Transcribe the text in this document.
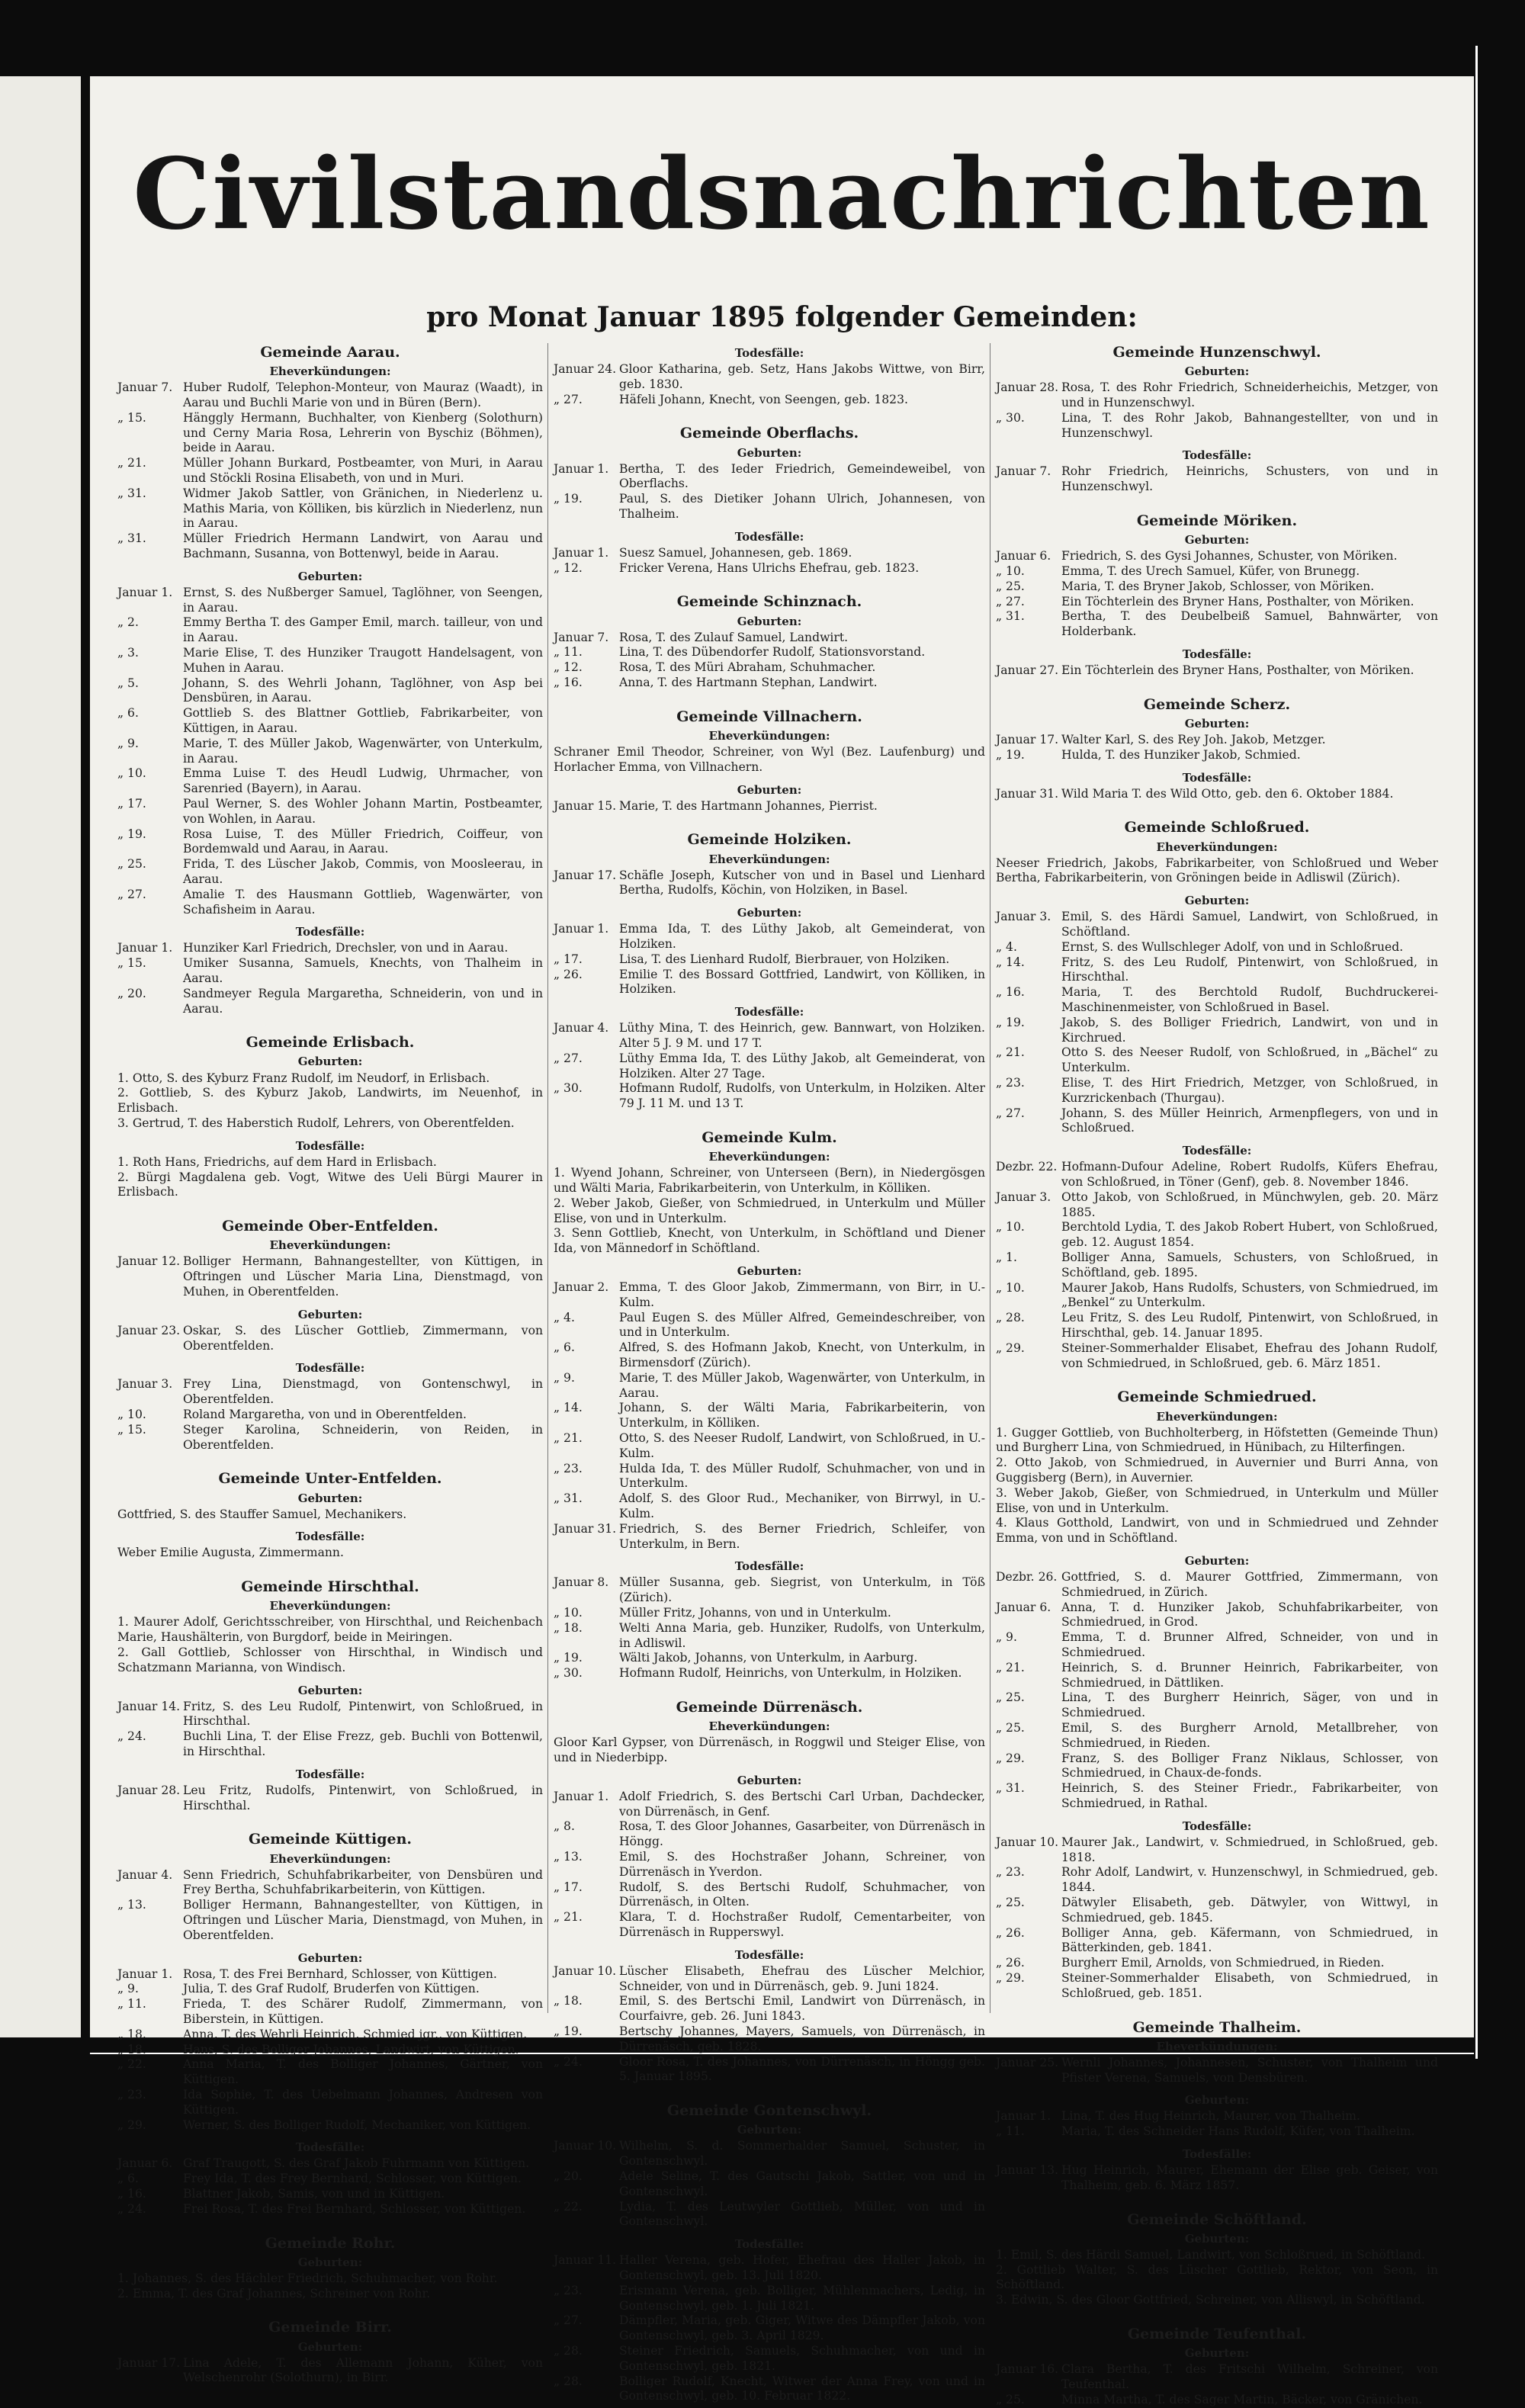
Civilstandsnachrichten
pro Monat Januar 1895 folgender Gemeinden:
Gemeinde Aarau.
Eheverkündungen:
Januar 7. Huber Rudolf, Telephon-Monteur, von Mauraz (Waadt), in Aarau und Buchli Marie von und in Büren (Bern).
„ 15.	Hänggly Hermann, Buchhalter, von Kienberg (Solothurn) und Cerny Maria Rosa, Lehrerin von Byschiz (Böhmen), beide in Aarau.
„ 21.	Müller Johann Burkard, Postbeamter, von Muri, in Aarau und Stöckli Rosina Elisabeth, von und in Muri.
„ 31.	Widmer Jakob Sattler, von Gränichen, in Niederlenz u. Mathis Maria, von Kölliken, bis kürzlich in Niederlenz, nun in Aarau.
„ 31.	Müller Friedrich Hermann Landwirt, von Aarau und Bachmann, Susanna, von Bottenwyl, beide in Aarau.
Geburten:
Januar 1. Ernst, S. des Nußberger Samuel, Taglöhner, von Seengen, in Aarau.
„ 2.	Emmy Bertha T. des Gamper Emil, march. tailleur, von und in Aarau.
„ 3.	Marie Elise, T. des Hunziker Traugott Handelsagent, von Muhen in Aarau.
„ 5.	Johann, S. des Wehrli Johann, Taglöhner, von Asp bei Densbüren, in Aarau.
„ 6.	Gottlieb S. des Blattner Gottlieb, Fabrikarbeiter, von Küttigen, in Aarau.
„ 9.	Marie, T. des Müller Jakob, Wagenwärter, von Unterkulm, in Aarau.
„ 10.	Emma Luise T. des Heudl Ludwig, Uhrmacher, von Sarenried (Bayern), in Aarau.
„ 17.	Paul Werner, S. des Wohler Johann Martin, Postbeamter, von Wohlen, in Aarau.
„ 19.	Rosa Luise, T. des Müller Friedrich, Coiffeur, von Bordemwald und Aarau, in Aarau.
„ 25.	Frida, T. des Lüscher Jakob, Commis, von Moosleerau, in Aarau.
„ 27.	Amalie T. des Hausmann Gottlieb, Wagenwärter, von Schafisheim in Aarau.
Todesfälle:
Januar 1. Hunziker Karl Friedrich, Drechsler, von und in Aarau.
„ 15.	Umiker Susanna, Samuels, Knechts, von Thalheim in Aarau.
„ 20.	Sandmeyer Regula Margaretha, Schneiderin, von und in Aarau.
Gemeinde Erlisbach.
Geburten:
1. Otto, S. des Kyburz Franz Rudolf, im Neudorf, in Erlisbach.
2. Gottlieb, S. des Kyburz Jakob, Landwirts, im Neuenhof, in Erlisbach.
3. Gertrud, T. des Haberstich Rudolf, Lehrers, von Oberentfelden.
Todesfälle:
1. Roth Hans, Friedrichs, auf dem Hard in Erlisbach.
2. Bürgi Magdalena geb. Vogt, Witwe des Ueli Bürgi Maurer in Erlisbach.
Gemeinde Ober-Entfelden.
Eheverkündungen:
Januar 12. Bolliger Hermann, Bahnangestellter, von Küttigen, in Oftringen und Lüscher Maria Lina, Dienstmagd, von Muhen, in Oberentfelden.
Geburten:
Januar 23. Oskar, S. des Lüscher Gottlieb, Zimmermann, von Oberentfelden.
Todesfälle:
Januar 3. Frey Lina, Dienstmagd, von Gontenschwyl, in Oberentfelden.
„ 10.	Roland Margaretha, von und in Oberentfelden.
„ 15.	Steger Karolina, Schneiderin, von Reiden, in Oberentfelden.
Gemeinde Unter-Entfelden.
Geburten:
Gottfried, S. des Stauffer Samuel, Mechanikers.
Todesfälle:
Weber Emilie Augusta, Zimmermann.
Gemeinde Hirschthal.
Eheverkündungen:
1. Maurer Adolf, Gerichtsschreiber, von Hirschthal, und Reichenbach Marie, Haushälterin, von Burgdorf, beide in Meiringen.
2. Gall Gottlieb, Schlosser von Hirschthal, in Windisch und Schatzmann Marianna, von Windisch.
Geburten:
Januar 14. Fritz, S. des Leu Rudolf, Pintenwirt, von Schloßrued, in Hirschthal.
„ 24.	Buchli Lina, T. der Elise Frezz, geb. Buchli von Bottenwil, in Hirschthal.
Todesfälle:
Januar 28. Leu Fritz, Rudolfs, Pintenwirt, von Schloßrued, in Hirschthal.
Gemeinde Küttigen.
Eheverkündungen:
Januar 4. Senn Friedrich, Schuhfabrikarbeiter, von Densbüren und Frey Bertha, Schuhfabrikarbeiterin, von Küttigen.
„ 13.	Bolliger Hermann, Bahnangestellter, von Küttigen, in Oftringen und Lüscher Maria, Dienstmagd, von Muhen, in Oberentfelden.
Geburten:
Januar 1. Rosa, T. des Frei Bernhard, Schlosser, von Küttigen.
„ 9.	Julia, T. des Graf Rudolf, Bruderfen von Küttigen.
„ 11.	Frieda, T. des Schärer Rudolf, Zimmermann, von Biberstein, in Küttigen.
„ 18.	Anna, T. des Wehrli Heinrich, Schmied jgr., von Küttigen.
„ 18.	Hans, S. des Bolliger Johannes, Landwirt, von Küttigen.
„ 22.	Anna Maria, T. des Bolliger Johannes, Gärtner, von Küttigen.
„ 23.	Ida Sophie, T. des Uebelmann Johannes, Andresen von Küttigen.
„ 29.	Werner, S. des Bolliger Rudolf, Mechaniker, von Küttigen.
Todesfälle:
Januar 6. Graf Traugott, S. des Graf Jakob Fuhrmann von Küttigen.
„ 6.	Frey Ida, T. des Frey Bernhard, Schlosser, von Küttigen.
„ 16.	Blattner Jakob, Samis, von und in Küttigen.
„ 24.	Frei Rosa, T. des Frei Bernhard, Schlosser, von Küttigen.
Gemeinde Rohr.
Geburten:
1. Johannes, S. des Hächler Friedrich, Schuhmacher, von Rohr.
2. Emma, T. des Graf Johannes, Schreiner von Rohr.
Gemeinde Birr.
Geburten:
Januar 17. Lina Adele, T. des Allemann Johann, Küher, von Welschenrohr (Solothurn), in Birr.
Todesfälle:
Januar 24. Gloor Katharina, geb. Setz, Hans Jakobs Wittwe, von Birr, geb. 1830.
„ 27.	Häfeli Johann, Knecht, von Seengen, geb. 1823.
Gemeinde Oberflachs.
Geburten:
Januar 1. Bertha, T. des Ieder Friedrich, Gemeindeweibel, von Oberflachs.
„ 19.	Paul, S. des Dietiker Johann Ulrich, Johannesen, von Thalheim.
Todesfälle:
Januar 1. Suesz Samuel, Johannesen, geb. 1869.
„ 12.	Fricker Verena, Hans Ulrichs Ehefrau, geb. 1823.
Gemeinde Schinznach.
Geburten:
Januar 7. Rosa, T. des Zulauf Samuel, Landwirt.
„ 11.	Lina, T. des Dübendorfer Rudolf, Stationsvorstand.
„ 12.	Rosa, T. des Müri Abraham, Schuhmacher.
„ 16.	Anna, T. des Hartmann Stephan, Landwirt.
Gemeinde Villnachern.
Eheverkündungen:
Schraner Emil Theodor, Schreiner, von Wyl (Bez. Laufenburg) und Horlacher Emma, von Villnachern.
Geburten:
Januar 15. Marie, T. des Hartmann Johannes, Pierrist.
Gemeinde Holziken.
Eheverkündungen:
Januar 17. Schäfle Joseph, Kutscher von und in Basel und Lienhard Bertha, Rudolfs, Köchin, von Holziken, in Basel.
Geburten:
Januar 1. Emma Ida, T. des Lüthy Jakob, alt Gemeinderat, von Holziken.
„ 17.	Lisa, T. des Lienhard Rudolf, Bierbrauer, von Holziken.
„ 26.	Emilie T. des Bossard Gottfried, Landwirt, von Kölliken, in Holziken.
Todesfälle:
Januar 4. Lüthy Mina, T. des Heinrich, gew. Bannwart, von Holziken. Alter 5 J. 9 M. und 17 T.
„ 27.	Lüthy Emma Ida, T. des Lüthy Jakob, alt Gemeinderat, von Holziken. Alter 27 Tage.
„ 30.	Hofmann Rudolf, Rudolfs, von Unterkulm, in Holziken. Alter 79 J. 11 M. und 13 T.
Gemeinde Kulm.
Eheverkündungen:
1. Wyend Johann, Schreiner, von Unterseen (Bern), in Niedergösgen und Wälti Maria, Fabrikarbeiterin, von Unterkulm, in Kölliken.
2. Weber Jakob, Gießer, von Schmiedrued, in Unterkulm und Müller Elise, von und in Unterkulm.
3. Senn Gottlieb, Knecht, von Unterkulm, in Schöftland und Diener Ida, von Männedorf in Schöftland.
Geburten:
Januar 2. Emma, T. des Gloor Jakob, Zimmermann, von Birr, in U.-Kulm.
„ 4.	Paul Eugen S. des Müller Alfred, Gemeindeschreiber, von und in Unterkulm.
„ 6.	Alfred, S. des Hofmann Jakob, Knecht, von Unterkulm, in Birmensdorf (Zürich).
„ 9.	Marie, T. des Müller Jakob, Wagenwärter, von Unterkulm, in Aarau.
„ 14.	Johann, S. der Wälti Maria, Fabrikarbeiterin, von Unterkulm, in Kölliken.
„ 21.	Otto, S. des Neeser Rudolf, Landwirt, von Schloßrued, in U.-Kulm.
„ 23.	Hulda Ida, T. des Müller Rudolf, Schuhmacher, von und in Unterkulm.
„ 31.	Adolf, S. des Gloor Rud., Mechaniker, von Birrwyl, in U.-Kulm.
Januar 31. Friedrich, S. des Berner Friedrich, Schleifer, von Unterkulm, in Bern.
Todesfälle:
Januar 8. Müller Susanna, geb. Siegrist, von Unterkulm, in Töß (Zürich).
„ 10.	Müller Fritz, Johanns, von und in Unterkulm.
„ 18.	Welti Anna Maria, geb. Hunziker, Rudolfs, von Unterkulm, in Adliswil.
„ 19.	Wälti Jakob, Johanns, von Unterkulm, in Aarburg.
„ 30.	Hofmann Rudolf, Heinrichs, von Unterkulm, in Holziken.
Gemeinde Dürrenäsch.
Eheverkündungen:
Gloor Karl Gypser, von Dürrenäsch, in Roggwil und Steiger Elise, von und in Niederbipp.
Geburten:
Januar 1. Adolf Friedrich, S. des Bertschi Carl Urban, Dachdecker, von Dürrenäsch, in Genf.
„ 8.	Rosa, T. des Gloor Johannes, Gasarbeiter, von Dürrenäsch in Höngg.
„ 13.	Emil, S. des Hochstraßer Johann, Schreiner, von Dürrenäsch in Yverdon.
„ 17.	Rudolf, S. des Bertschi Rudolf, Schuhmacher, von Dürrenäsch, in Olten.
„ 21.	Klara, T. d. Hochstraßer Rudolf, Cementarbeiter, von Dürrenäsch in Rupperswyl.
Todesfälle:
Januar 10. Lüscher Elisabeth, Ehefrau des Lüscher Melchior, Schneider, von und in Dürrenäsch, geb. 9. Juni 1824.
„ 18.	Emil, S. des Bertschi Emil, Landwirt von Dürrenäsch, in Courfaivre, geb. 26. Juni 1843.
„ 19.	Bertschy Johannes, Mayers, Samuels, von Dürrenäsch, in Dürrenäsch, geb. 1828.
„ 24.	Gloor Rosa, T. des Johannes, von Dürrenäsch, in Höngg geb. 5. Januar 1895.
Gemeinde Gontenschwyl.
Geburten:
Januar 10. Wilhelm, S. d. Sommerhalder Samuel, Schuster, in Gontenschwyl.
„ 20.	Adele Seline, T. des Gautschi Jakob, Sattler, von und in Gontenschwyl.
„ 22.	Lydia, T. des Leutwyler Gottlieb, Müller, von und in Gontenschwyl.
Todesfälle:
Januar 11. Haller Verena, geb. Hofer, Ehefrau des Haller Jakob, in Gontenschwyl, geb. 13. Juli 1820.
„ 23.	Erismann Verena, geb. Bolliger, Mühlenmachers, Ledig, in Gontenschwyl, geb. 1. Juli 1821.
„ 27.	Dämpfler, Maria, geb. Giger, Witwe des Dämpfler Jakob, von Gontenschwyl, geb. 3. April 1829.
„ 28.	Steiner Friedrich, Samuels, Schuhmacher, von und in Gontenschwyl, geb. 1821.
„ 28.	Bolliger Rudolf, Knecht, Witwer der Anna Frey, von und in Gontenschwyl, geb. 10. Februar 1822.
Gemeinde Hunzenschwyl.
Geburten:
Januar 28. Rosa, T. des Rohr Friedrich, Schneiderheichis, Metzger, von und in Hunzenschwyl.
„ 30.	Lina, T. des Rohr Jakob, Bahnangestellter, von und in Hunzenschwyl.
Todesfälle:
Januar 7. Rohr Friedrich, Heinrichs, Schusters, von und in Hunzenschwyl.
Gemeinde Möriken.
Geburten:
Januar 6. Friedrich, S. des Gysi Johannes, Schuster, von Möriken.
„ 10.	Emma, T. des Urech Samuel, Küfer, von Brunegg.
„ 25.	Maria, T. des Bryner Jakob, Schlosser, von Möriken.
„ 27.	Ein Töchterlein des Bryner Hans, Posthalter, von Möriken.
„ 31.	Bertha, T. des Deubelbeiß Samuel, Bahnwärter, von Holderbank.
Todesfälle:
Januar 27. Ein Töchterlein des Bryner Hans, Posthalter, von Möriken.
Gemeinde Scherz.
Geburten:
Januar 17. Walter Karl, S. des Rey Joh. Jakob, Metzger.
„ 19.	Hulda, T. des Hunziker Jakob, Schmied.
Todesfälle:
Januar 31. Wild Maria T. des Wild Otto, geb. den 6. Oktober 1884.
Gemeinde Schloßrued.
Eheverkündungen:
Neeser Friedrich, Jakobs, Fabrikarbeiter, von Schloßrued und Weber Bertha, Fabrikarbeiterin, von Gröningen beide in Adliswil (Zürich).
Geburten:
Januar 3. Emil, S. des Härdi Samuel, Landwirt, von Schloßrued, in Schöftland.
„ 4.	Ernst, S. des Wullschleger Adolf, von und in Schloßrued.
„ 14.	Fritz, S. des Leu Rudolf, Pintenwirt, von Schloßrued, in Hirschthal.
„ 16.	Maria, T. des Berchtold Rudolf, Buchdruckerei-Maschinenmeister, von Schloßrued in Basel.
„ 19.	Jakob, S. des Bolliger Friedrich, Landwirt, von und in Kirchrued.
„ 21.	Otto S. des Neeser Rudolf, von Schloßrued, in „Bächel“ zu Unterkulm.
„ 23.	Elise, T. des Hirt Friedrich, Metzger, von Schloßrued, in Kurzrickenbach (Thurgau).
„ 27.	Johann, S. des Müller Heinrich, Armenpflegers, von und in Schloßrued.
Todesfälle:
Dezbr. 22. Hofmann-Dufour Adeline, Robert Rudolfs, Küfers Ehefrau, von Schloßrued, in Töner (Genf), geb. 8. November 1846.
Januar 3. Otto Jakob, von Schloßrued, in Münchwylen, geb. 20. März 1885.
„ 10.	Berchtold Lydia, T. des Jakob Robert Hubert, von Schloßrued, geb. 12. August 1854.
„ 1.	Bolliger Anna, Samuels, Schusters, von Schloßrued, in Schöftland, geb. 1895.
„ 10.	Maurer Jakob, Hans Rudolfs, Schusters, von Schmiedrued, im „Benkel“ zu Unterkulm.
„ 28.	Leu Fritz, S. des Leu Rudolf, Pintenwirt, von Schloßrued, in Hirschthal, geb. 14. Januar 1895.
„ 29.	Steiner-Sommerhalder Elisabet, Ehefrau des Johann Rudolf, von Schmiedrued, in Schloßrued, geb. 6. März 1851.
Gemeinde Schmiedrued.
Eheverkündungen:
1. Gugger Gottlieb, von Buchholterberg, in Höfstetten (Gemeinde Thun) und Burgherr Lina, von Schmiedrued, in Hünibach, zu Hilterfingen.
2. Otto Jakob, von Schmiedrued, in Auvernier und Burri Anna, von Guggisberg (Bern), in Auvernier.
3. Weber Jakob, Gießer, von Schmiedrued, in Unterkulm und Müller Elise, von und in Unterkulm.
4. Klaus Gotthold, Landwirt, von und in Schmiedrued und Zehnder Emma, von und in Schöftland.
Geburten:
Dezbr. 26. Gottfried, S. d. Maurer Gottfried, Zimmermann, von Schmiedrued, in Zürich.
Januar 6. Anna, T. d. Hunziker Jakob, Schuhfabrikarbeiter, von Schmiedrued, in Grod.
„ 9.	Emma, T. d. Brunner Alfred, Schneider, von und in Schmiedrued.
„ 21.	Heinrich, S. d. Brunner Heinrich, Fabrikarbeiter, von Schmiedrued, in Dättliken.
„ 25.	Lina, T. des Burgherr Heinrich, Säger, von und in Schmiedrued.
„ 25.	Emil, S. des Burgherr Arnold, Metallbreher, von Schmiedrued, in Rieden.
„ 29.	Franz, S. des Bolliger Franz Niklaus, Schlosser, von Schmiedrued, in Chaux-de-fonds.
„ 31.	Heinrich, S. des Steiner Friedr., Fabrikarbeiter, von Schmiedrued, in Rathal.
Todesfälle:
Januar 10. Maurer Jak., Landwirt, v. Schmiedrued, in Schloßrued, geb. 1818.
„ 23.	Rohr Adolf, Landwirt, v. Hunzenschwyl, in Schmiedrued, geb. 1844.
„ 25.	Dätwyler Elisabeth, geb. Dätwyler, von Wittwyl, in Schmiedrued, geb. 1845.
„ 26.	Bolliger Anna, geb. Käfermann, von Schmiedrued, in Bätterkinden, geb. 1841.
„ 26.	Burgherr Emil, Arnolds, von Schmiedrued, in Rieden.
„ 29.	Steiner-Sommerhalder Elisabeth, von Schmiedrued, in Schloßrued, geb. 1851.
Gemeinde Thalheim.
Eheverkündungen:
Januar 25. Wernli Johannes, Johannesen, Schuster, von Thalheim und Pfister Verena, Samuels, von Densbüren.
Geburten:
Januar 1. Lina, T. des Hug Heinrich, Maurer, von Thalheim.
„ 11.	Maria, T. des Schneider Hans Rudolf, Küfer, von Thalheim.
Todesfälle:
Januar 13. Hug Heinrich, Maurer, Ehemann der Elise geb. Geiser, von Thalheim, geb. 6. März 1857.
Gemeinde Schöftland.
Geburten:
1. Emil, S. des Härdi Samuel, Landwirt, von Schloßrued, in Schöftland.
2. Gottlieb Walter, S. des Lüscher Gottlieb, Rektor, von Seon, in Schöftland.
3. Edwin, S. des Gloor Gottfried, Schreiner, von Alliswyl, in Schöftland.
Gemeinde Teufenthal.
Geburten:
Januar 16. Clara Bertha, T. des Fritschi Wilhelm, Schreiner, von Teufenthal.
„ 25.	Minna Martha, T. des Sager Martin, Bäcker, von Gränichen.
